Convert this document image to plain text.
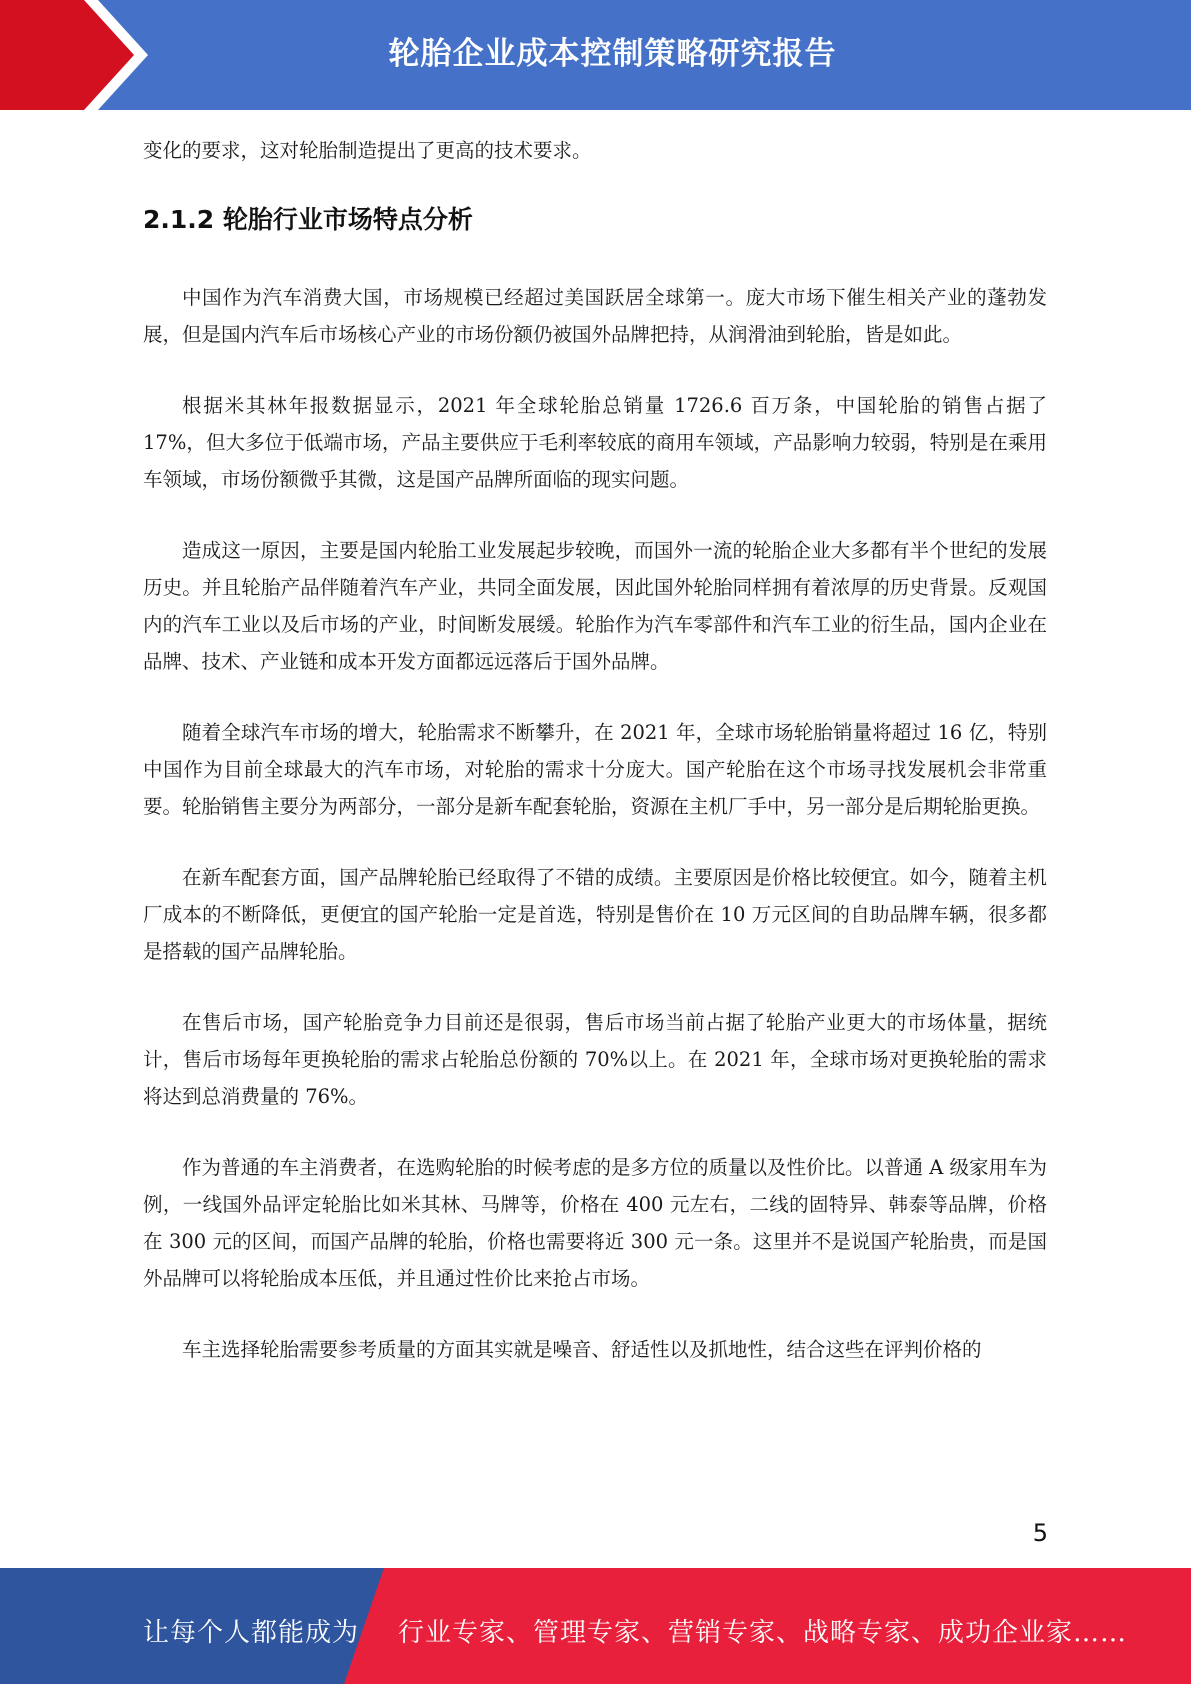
轮胎企业成本控制策略研究报告

变化的要求，这对轮胎制造提出了更高的技术要求。

2.1.2 轮胎行业市场特点分析

中国作为汽车消费大国，市场规模已经超过美国跃居全球第一。庞大市场下催生相关产业的蓬勃发展，但是国内汽车后市场核心产业的市场份额仍被国外品牌把持，从润滑油到轮胎，皆是如此。

根据米其林年报数据显示，2021 年全球轮胎总销量 1726.6 百万条，中国轮胎的销售占据了 17%，但大多位于低端市场，产品主要供应于毛利率较底的商用车领域，产品影响力较弱，特别是在乘用车领域，市场份额微乎其微，这是国产品牌所面临的现实问题。

造成这一原因，主要是国内轮胎工业发展起步较晚，而国外一流的轮胎企业大多都有半个世纪的发展历史。并且轮胎产品伴随着汽车产业，共同全面发展，因此国外轮胎同样拥有着浓厚的历史背景。反观国内的汽车工业以及后市场的产业，时间断发展缓。轮胎作为汽车零部件和汽车工业的衍生品，国内企业在品牌、技术、产业链和成本开发方面都远远落后于国外品牌。

随着全球汽车市场的增大，轮胎需求不断攀升，在 2021 年，全球市场轮胎销量将超过 16 亿，特别中国作为目前全球最大的汽车市场，对轮胎的需求十分庞大。国产轮胎在这个市场寻找发展机会非常重要。轮胎销售主要分为两部分，一部分是新车配套轮胎，资源在主机厂手中，另一部分是后期轮胎更换。

在新车配套方面，国产品牌轮胎已经取得了不错的成绩。主要原因是价格比较便宜。如今，随着主机厂成本的不断降低，更便宜的国产轮胎一定是首选，特别是售价在 10 万元区间的自助品牌车辆，很多都是搭载的国产品牌轮胎。

在售后市场，国产轮胎竞争力目前还是很弱，售后市场当前占据了轮胎产业更大的市场体量，据统计，售后市场每年更换轮胎的需求占轮胎总份额的 70%以上。在 2021 年，全球市场对更换轮胎的需求将达到总消费量的 76%。

作为普通的车主消费者，在选购轮胎的时候考虑的是多方位的质量以及性价比。以普通 A 级家用车为例，一线国外品评定轮胎比如米其林、马牌等，价格在 400 元左右，二线的固特异、韩泰等品牌，价格在 300 元的区间，而国产品牌的轮胎，价格也需要将近 300 元一条。这里并不是说国产轮胎贵，而是国外品牌可以将轮胎成本压低，并且通过性价比来抢占市场。

车主选择轮胎需要参考质量的方面其实就是噪音、舒适性以及抓地性，结合这些在评判价格的

5
让每个人都能成为 行业专家、管理专家、营销专家、战略专家、成功企业家……
